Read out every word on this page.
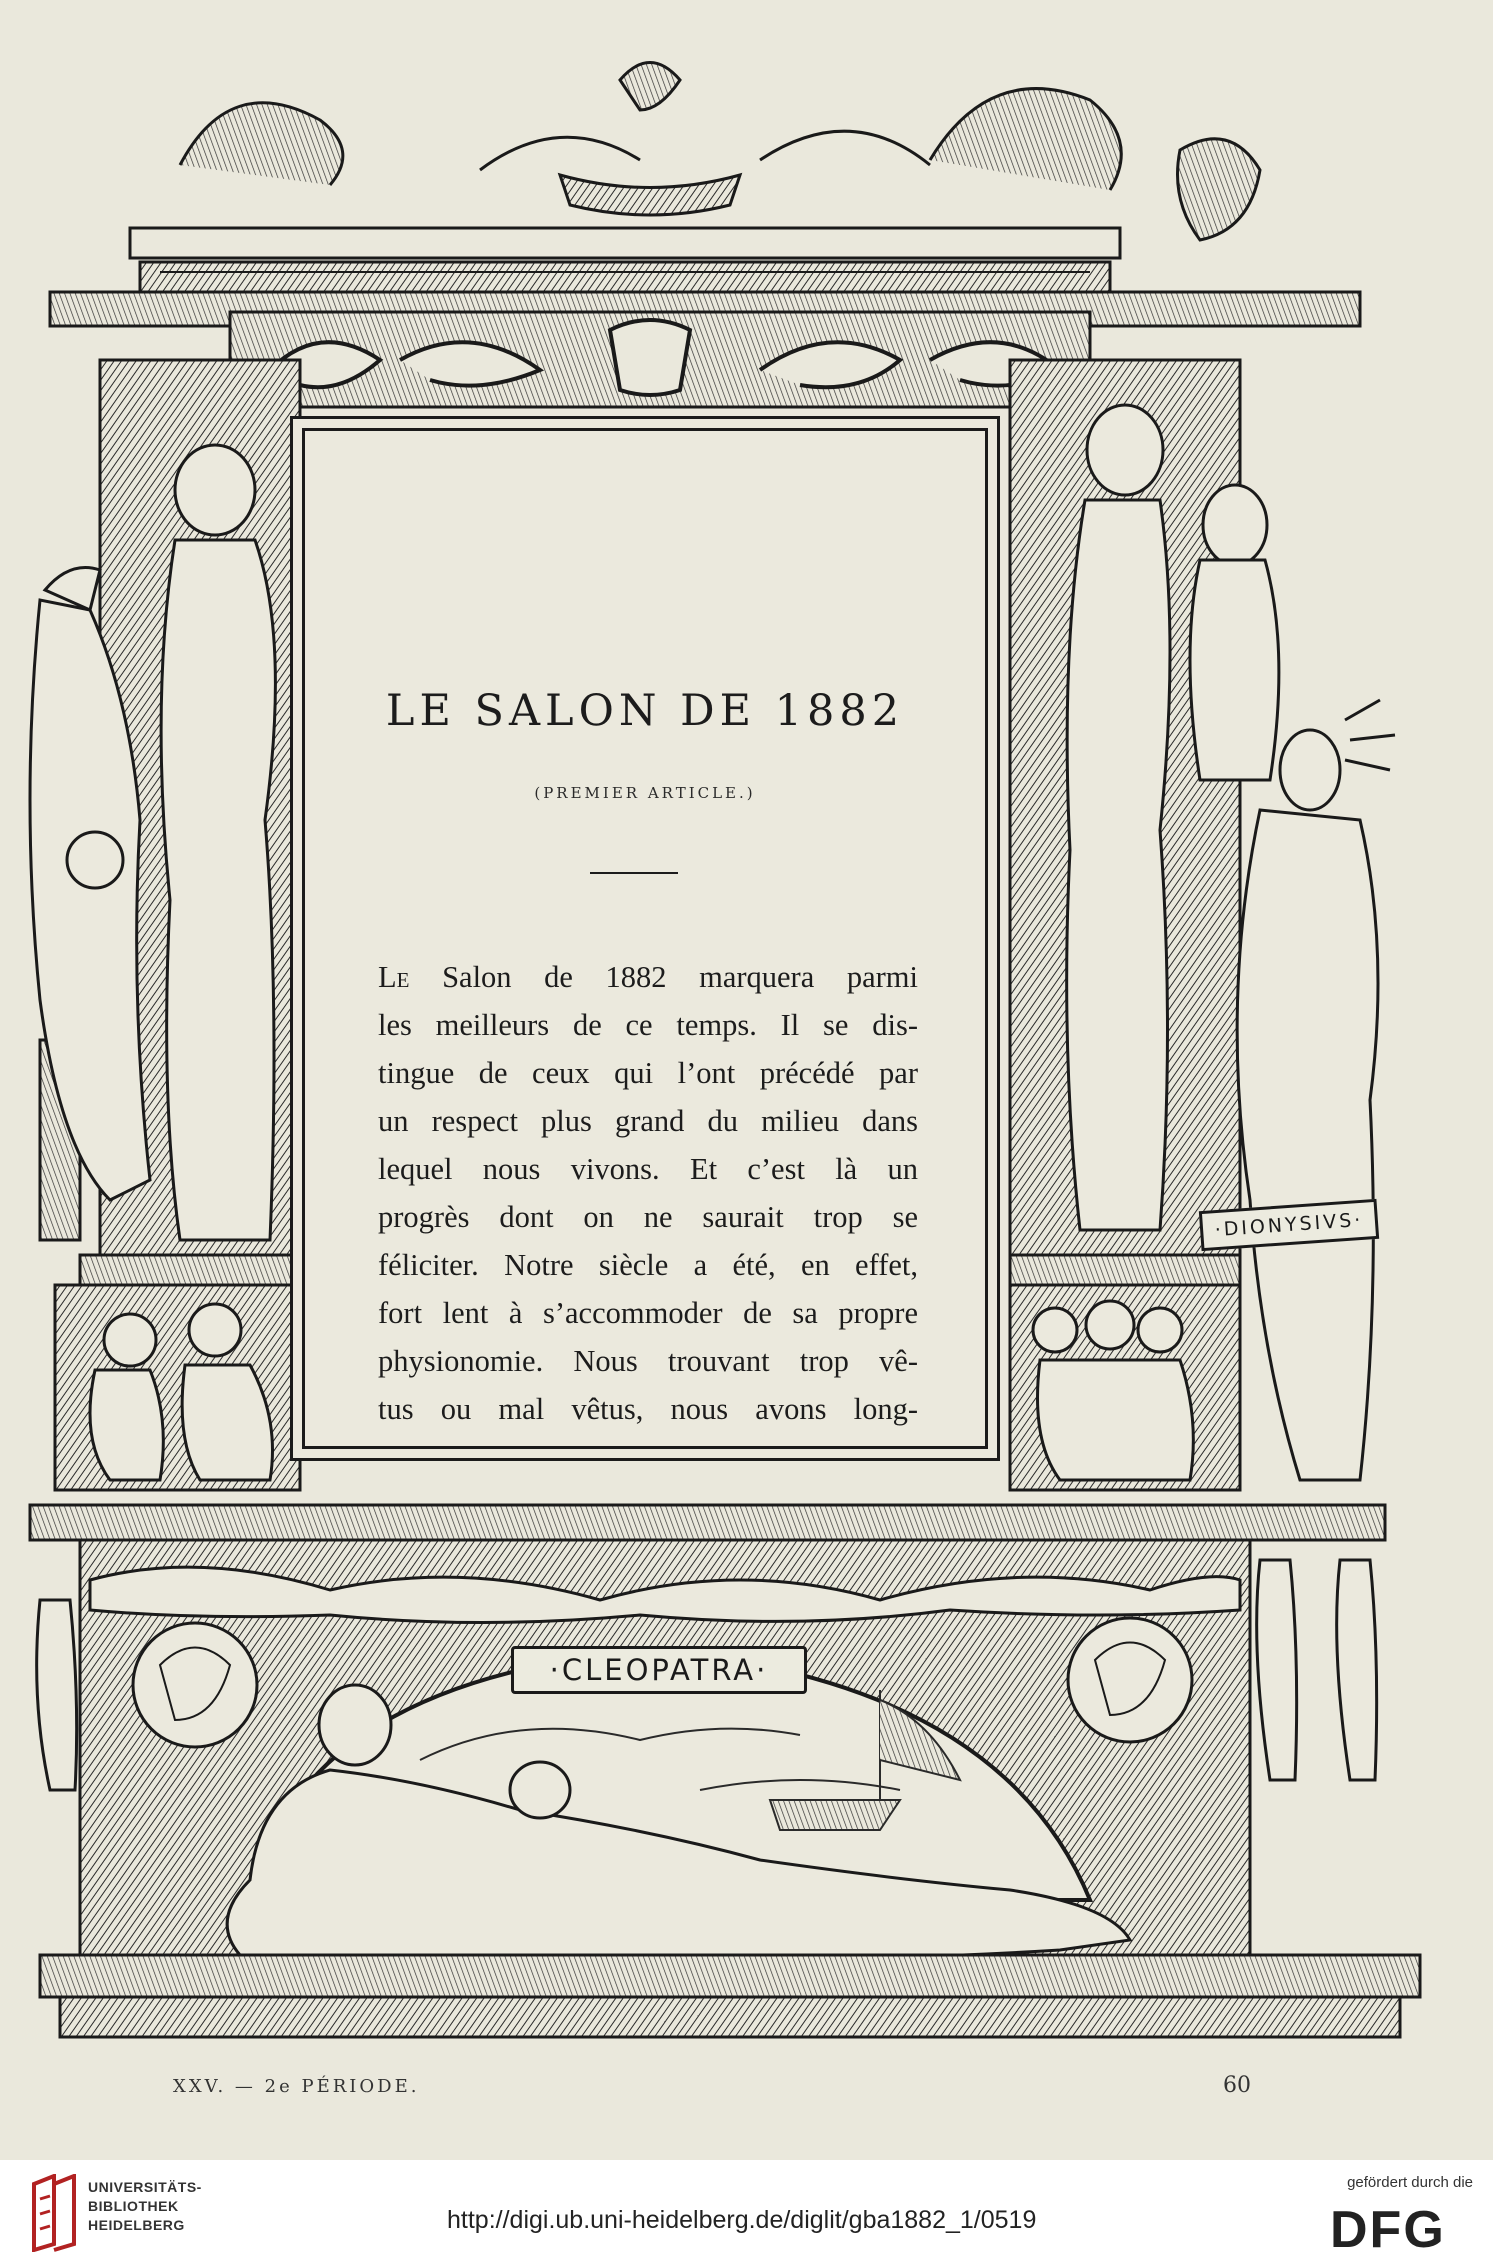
LE SALON DE 1882
(PREMIER ARTICLE.)
Le Salon de 1882 marquera parmi
les meilleurs de ce temps. Il se dis-
tingue de ceux qui l’ont précédé par
un respect plus grand du milieu dans
lequel nous vivons. Et c’est là un
progrès dont on ne saurait trop se
féliciter. Notre siècle a été, en effet,
fort lent à s’accommoder de sa propre
physionomie. Nous trouvant trop vê-
tus ou mal vêtus, nous avons long-
·CLEOPATRA·
·DIONYSIVS·
XXV. — 2e PÉRIODE.	60
UNIVERSITÄTS-
BIBLIOTHEK
HEIDELBERG	http://digi.ub.uni-heidelberg.de/diglit/gba1882_1/0519
gefördert durch die
DFG
